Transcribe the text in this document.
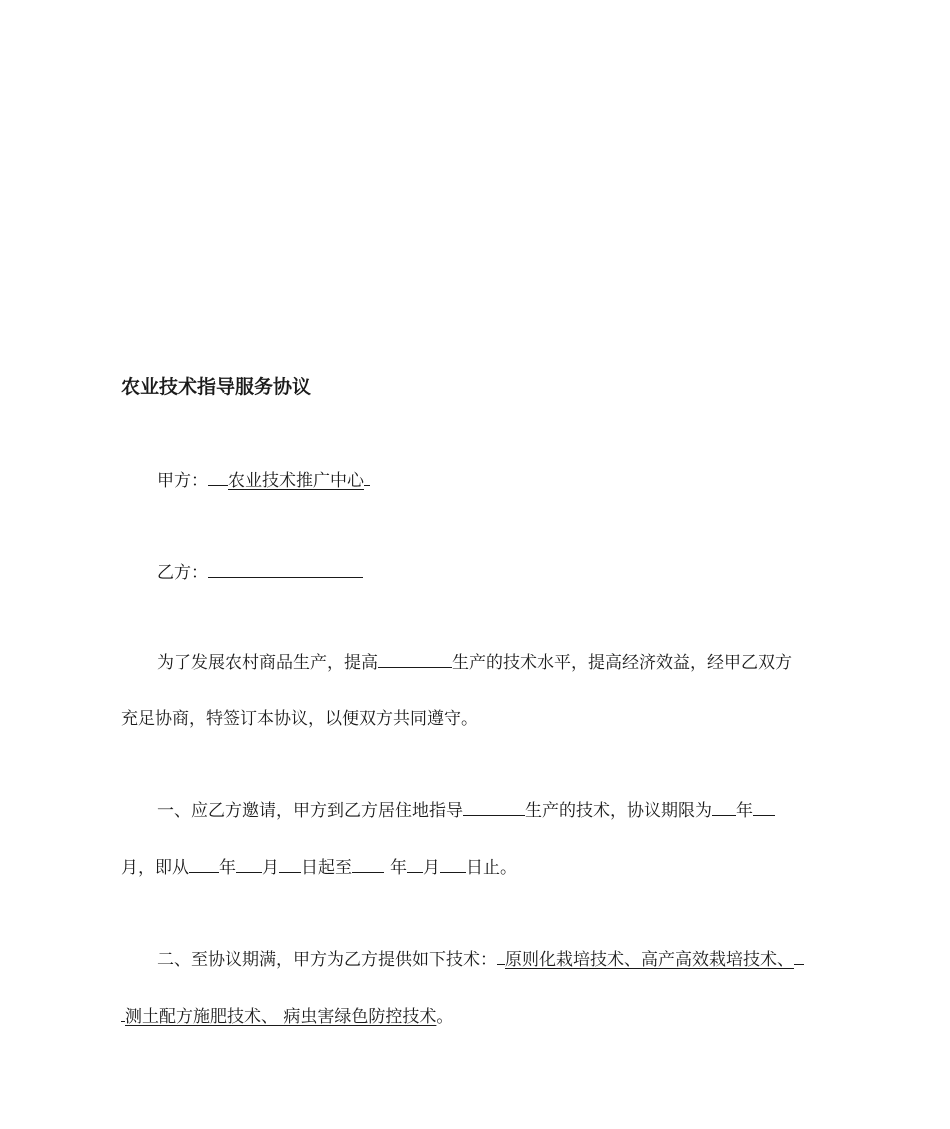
农业技术指导服务协议
甲方： 农业技术推广中心
乙方：
为了发展农村商品生产，提高	生产的技术水平，提高经济效益，经甲乙双方
充足协商，特签订本协议，以便双方共同遵守。
一、应乙方邀请，甲方到乙方居住地指导	生产的技术，协议期限为 年
月，即从 年 月 日起至 年 月 日止。
二、至协议期满，甲方为乙方提供如下技术： 原则化栽培技术、高产高效栽培技术、
测土配方施肥技术、 病虫害绿色防控技术。
